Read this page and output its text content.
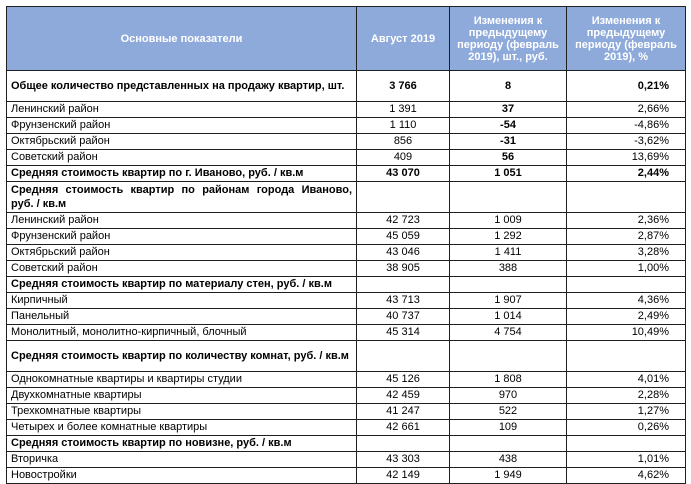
Основные показатели	Август 2019	Изменения к предыдущему периоду (февраль 2019), шт., руб.	Изменения к предыдущему периоду (февраль 2019), %
Общее количество представленных на продажу квартир, шт.	3 766	8	0,21%
Ленинский район	1 391	37	2,66%
Фрунзенский район	1 110	-54	-4,86%
Октябрьский район	856	-31	-3,62%
Советский район	409	56	13,69%
Средняя стоимость квартир по г. Иваново, руб. / кв.м	43 070	1 051	2,44%
Средняя стоимость квартир по районам города Иваново, руб. / кв.м			
Ленинский район	42 723	1 009	2,36%
Фрунзенский район	45 059	1 292	2,87%
Октябрьский район	43 046	1 411	3,28%
Советский район	38 905	388	1,00%
Средняя стоимость квартир по материалу стен, руб. / кв.м			
Кирпичный	43 713	1 907	4,36%
Панельный	40 737	1 014	2,49%
Монолитный, монолитно-кирпичный, блочный	45 314	4 754	10,49%
Средняя стоимость квартир по количеству комнат, руб. / кв.м			
Однокомнатные квартиры и квартиры студии	45 126	1 808	4,01%
Двухкомнатные квартиры	42 459	970	2,28%
Трехкомнатные квартиры	41 247	522	1,27%
Четырех и более комнатные квартиры	42 661	109	0,26%
Средняя стоимость квартир по новизне, руб. / кв.м			
Вторичка	43 303	438	1,01%
Новостройки	42 149	1 949	4,62%
